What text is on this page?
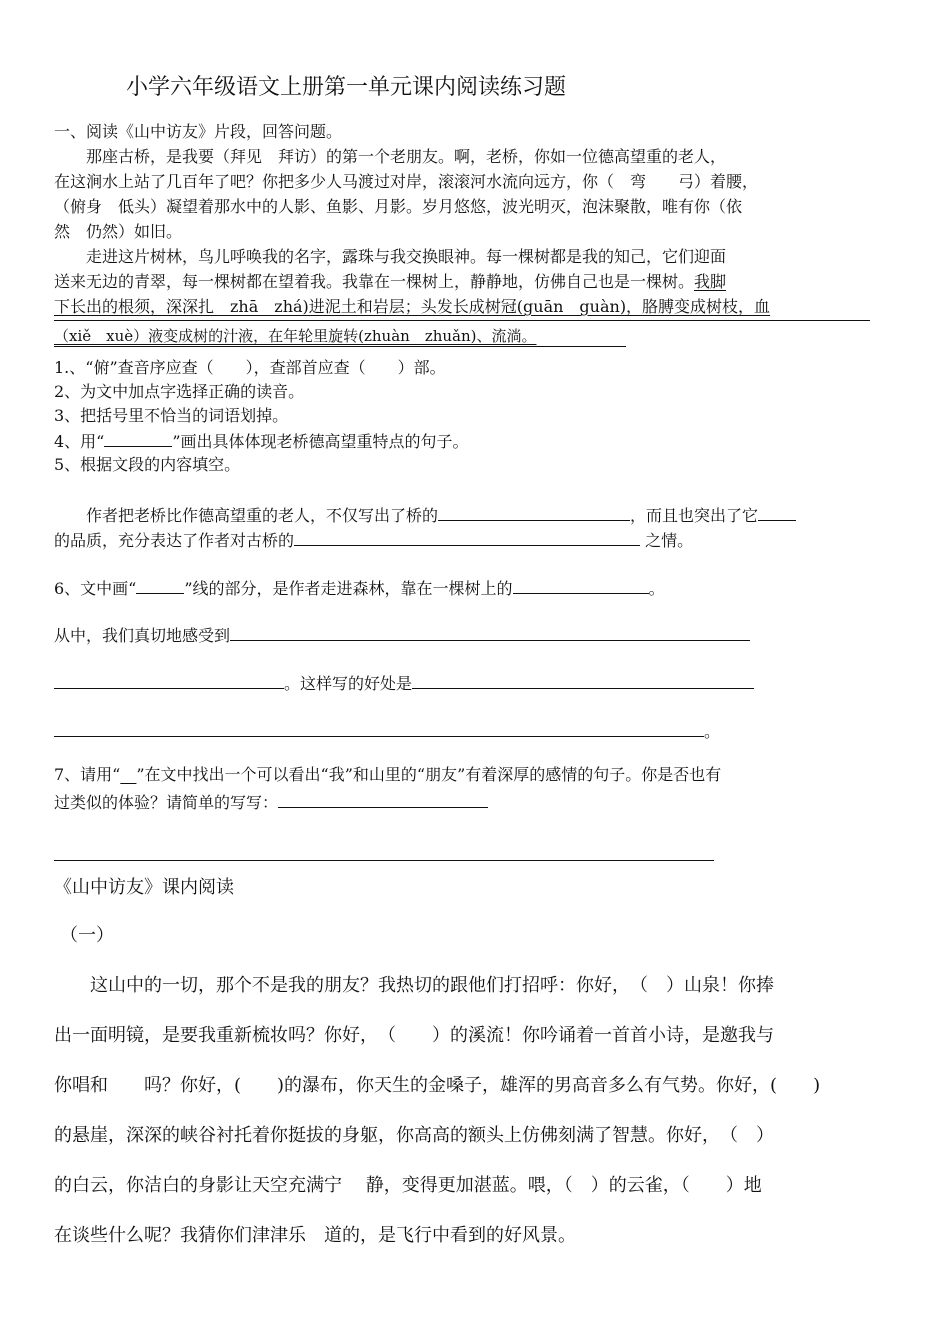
小学六年级语文上册第一单元课内阅读练习题
一、阅读《山中访友》片段，回答问题。
　　那座古桥，是我要（拜见　拜访）的第一个老朋友。啊，老桥，你如一位德高望重的老人，
在这涧水上站了几百年了吧？你把多少人马渡过对岸，滚滚河水流向远方，你（　弯　　弓）着腰，
（俯身　低头）凝望着那水中的人影、鱼影、月影。岁月悠悠，波光明灭，泡沫聚散，唯有你（依
然　仍然）如旧。
　　走进这片树林，鸟儿呼唤我的名字，露珠与我交换眼神。每一棵树都是我的知己，它们迎面
送来无边的青翠，每一棵树都在望着我。我靠在一棵树上，静静地，仿佛自己也是一棵树。我脚
下长出的根须，深深扎　zhā　zhá)进泥土和岩层；头发长成树冠(guān　guàn)，胳膊变成树枝，血
（xiě　xuè）液变成树的汁液，在年轮里旋转(zhuàn　zhuǎn)、流淌。
1.、“俯”查音序应查（　　），查部首应查（　　）部。
2、为文中加点字选择正确的读音。
3、把括号里不恰当的词语划掉。
4、用“	”画出具体体现老桥德高望重特点的句子。
5、根据文段的内容填空。
　　作者把老桥比作德高望重的老人，不仅写出了桥的	，而且也突出了它
的品质，充分表达了作者对古桥的	之情。
6、文中画“	”线的部分，是作者走进森林，靠在一棵树上的	。
从中，我们真切地感受到
。这样写的好处是
。
7、请用“__”在文中找出一个可以看出“我”和山里的“朋友”有着深厚的感情的句子。你是否也有
过类似的体验？请简单的写写：
《山中访友》课内阅读
（一）
　　这山中的一切，那个不是我的朋友？我热切的跟他们打招呼：你好，　（　）山泉！你捧
出一面明镜，是要我重新梳妆吗？你好，　（　　）的溪流！你吟诵着一首首小诗，是邀我与
你唱和　　吗？你好，(　　)的瀑布，你天生的金嗓子，雄浑的男高音多么有气势。你好，(　　)
的悬崖，深深的峡谷衬托着你挺拔的身躯，你高高的额头上仿佛刻满了智慧。你好，　（　）
的白云，你洁白的身影让天空充满宁　 静，变得更加湛蓝。喂，（　）的云雀，（　　）地
在谈些什么呢？我猜你们津津乐　道的，是飞行中看到的好风景。
